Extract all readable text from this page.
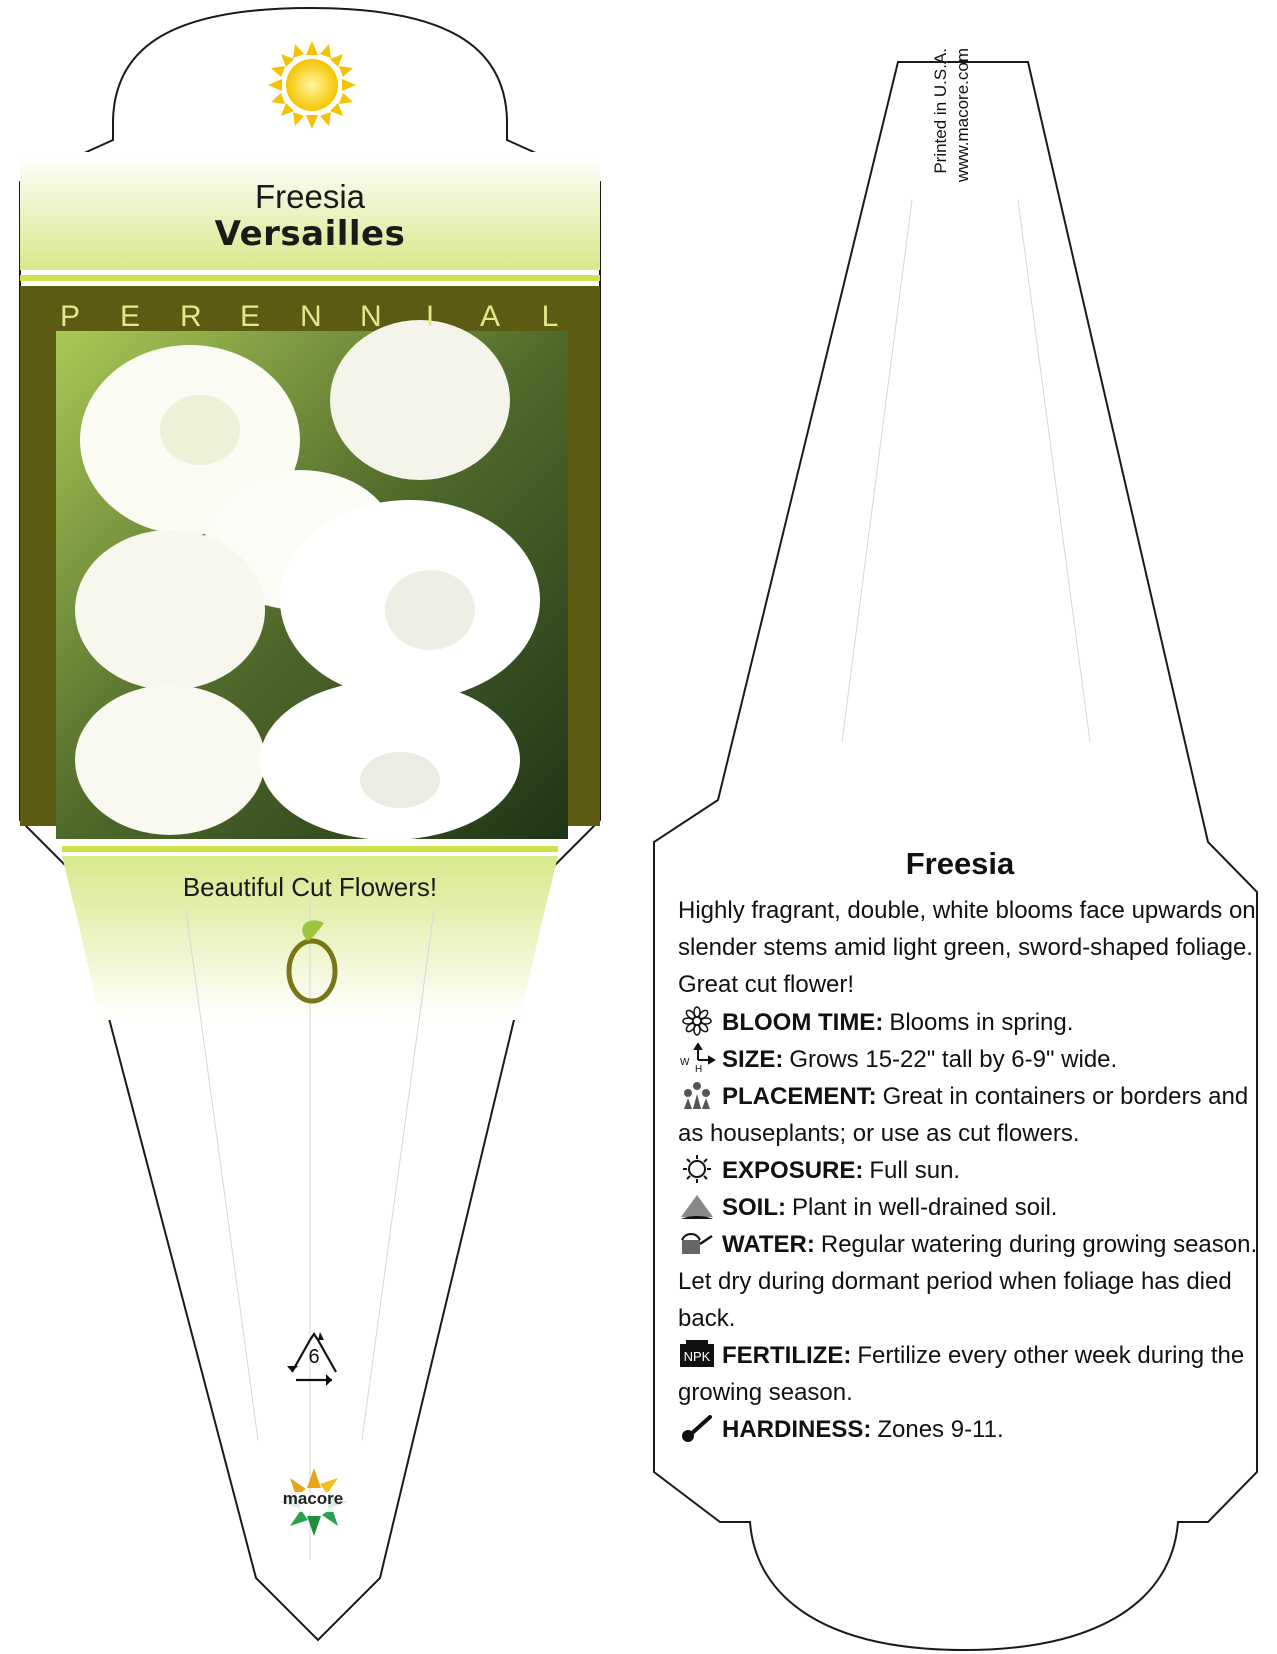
Freesia
Versailles
P E R E N N I A L
Beautiful Cut Flowers!
6
macore
Printed in U.S.A. www.macore.com
Freesia
Highly fragrant, double, white blooms face upwards on slender stems amid light green, sword-shaped foliage. Great cut flower!

BLOOM TIME: Blooms in spring.

W
H SIZE: Grows 15-22" tall by 6-9" wide.

PLACEMENT: Great in containers or borders and as houseplants; or use as cut flowers.

EXPOSURE: Full sun.

SOIL: Plant in well-drained soil.

WATER: Regular watering during growing season. Let dry during dormant period when foliage has died back.

NPK FERTILIZE: Fertilize every other week during the growing season.

HARDINESS: Zones 9-11.
